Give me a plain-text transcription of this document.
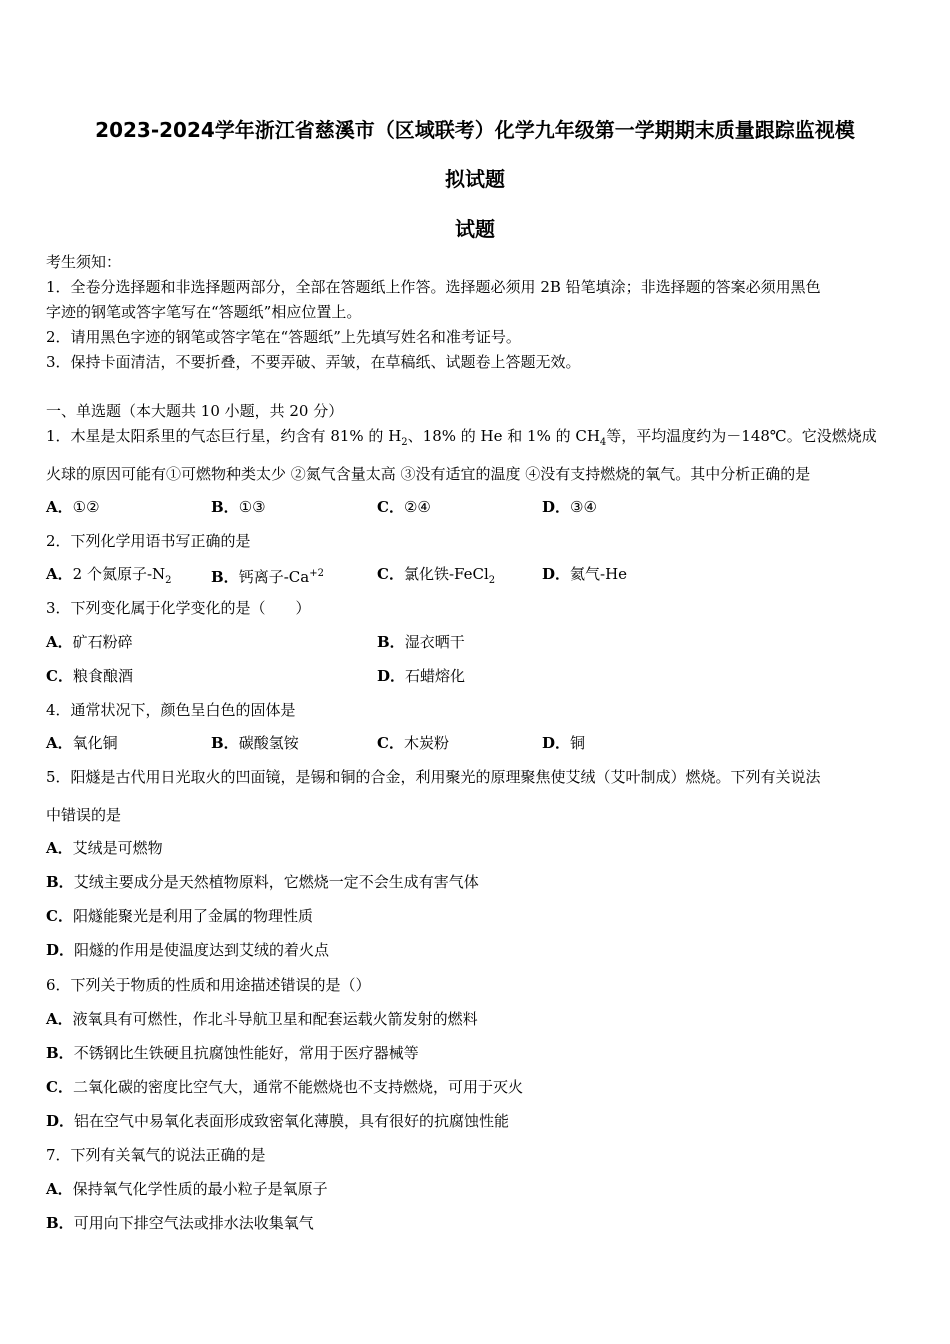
2023-2024学年浙江省慈溪市（区域联考）化学九年级第一学期期末质量跟踪监视模
拟试题
试题
考生须知：
1．全卷分选择题和非选择题两部分，全部在答题纸上作答。选择题必须用 2B 铅笔填涂；非选择题的答案必须用黑色
字迹的钢笔或答字笔写在“答题纸”相应位置上。
2．请用黑色字迹的钢笔或答字笔在“答题纸”上先填写姓名和准考证号。
3．保持卡面清洁，不要折叠，不要弄破、弄皱，在草稿纸、试题卷上答题无效。
一、单选题（本大题共 10 小题，共 20 分）
1．木星是太阳系里的气态巨行星，约含有 81% 的 $H_2$、18% 的 He 和 1% 的 $CH_4$等，平均温度约为－148℃。它没燃烧成
火球的原因可能有①可燃物种类太少 ②氮气含量太高 ③没有适宜的温度 ④没有支持燃烧的氧气。其中分析正确的是
A．①②	B．①③	C．②④	D．③④
2．下列化学用语书写正确的是
A．2 个氮原子$-N_2$	B．钙离子$-Ca^{+2}$	C．氯化铁-FeCl$_2$	D．氦气-He
3．下列变化属于化学变化的是（　　）
A．矿石粉碎	B．湿衣晒干
C．粮食酿酒	D．石蜡熔化
4．通常状况下，颜色呈白色的固体是
A．氧化铜	B．碳酸氢铵	C．木炭粉	D．铜
5．阳燧是古代用日光取火的凹面镜，是锡和铜的合金，利用聚光的原理聚焦使艾绒（艾叶制成）燃烧。下列有关说法
中错误的是
A．艾绒是可燃物
B．艾绒主要成分是天然植物原料，它燃烧一定不会生成有害气体
C．阳燧能聚光是利用了金属的物理性质
D．阳燧的作用是使温度达到艾绒的着火点
6．下列关于物质的性质和用途描述错误的是（）
A．液氧具有可燃性，作北斗导航卫星和配套运载火箭发射的燃料
B．不锈钢比生铁硬且抗腐蚀性能好，常用于医疗器械等
C．二氧化碳的密度比空气大，通常不能燃烧也不支持燃烧，可用于灭火
D．铝在空气中易氧化表面形成致密氧化薄膜，具有很好的抗腐蚀性能
7．下列有关氧气的说法正确的是
A．保持氧气化学性质的最小粒子是氧原子
B．可用向下排空气法或排水法收集氧气
